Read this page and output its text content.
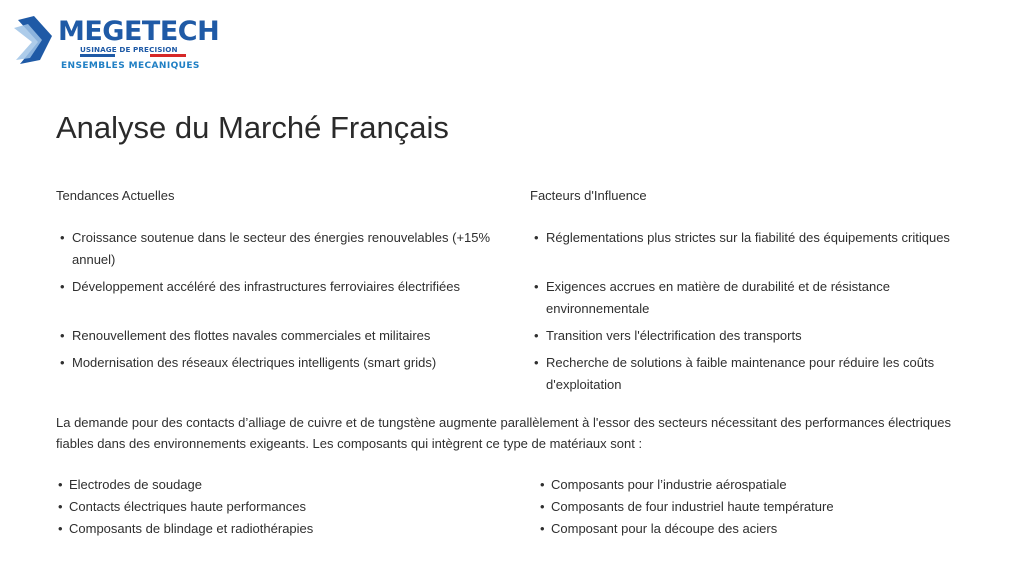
MEGETECH
USINAGE DE PRECISION
ENSEMBLES MECANIQUES
Analyse du Marché Français
Tendances Actuelles
• Croissance soutenue dans le secteur des énergies renouvelables (+15% annuel)
• Développement accéléré des infrastructures ferroviaires électrifiées
• Renouvellement des flottes navales commerciales et militaires
• Modernisation des réseaux électriques intelligents (smart grids)
Facteurs d'Influence
• Réglementations plus strictes sur la fiabilité des équipements critiques
• Exigences accrues en matière de durabilité et de résistance environnementale
• Transition vers l'électrification des transports
• Recherche de solutions à faible maintenance pour réduire les coûts d'exploitation

La demande pour des contacts d’alliage de cuivre et de tungstène augmente parallèlement à l'essor des secteurs nécessitant des performances électriques fiables dans des environnements exigeants. Les composants qui intègrent ce type de matériaux sont :

• Electrodes de soudage
• Contacts électriques haute performances
• Composants de blindage et radiothérapies
• Composants pour l’industrie aérospatiale
• Composants de four industriel haute température
• Composant pour la découpe des aciers
